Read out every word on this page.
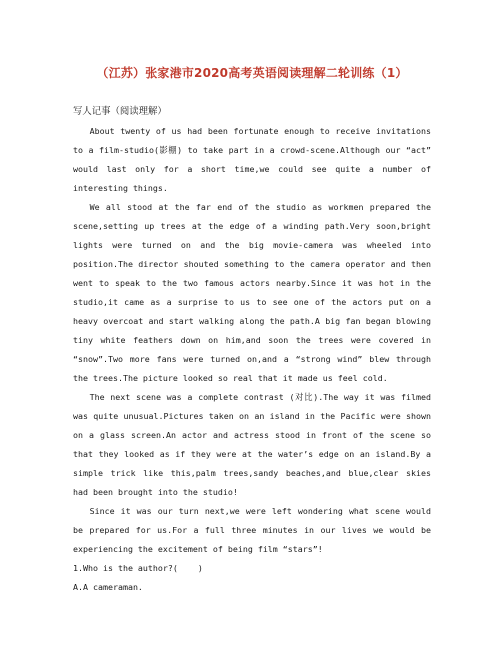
（江苏）张家港市2020高考英语阅读理解二轮训练（1）

写人记事（阅读理解）

About twenty of us had been fortunate enough to receive invitations to a film-studio(影棚) to take part in a crowd-scene.Although our “act” would last only for a short time,we could see quite a number of interesting things.

We all stood at the far end of the studio as workmen prepared the scene,setting up trees at the edge of a winding path.Very soon,bright lights were turned on and the big movie-camera was wheeled into position.The director shouted something to the camera operator and then went to speak to the two famous actors nearby.Since it was hot in the studio,it came as a surprise to us to see one of the actors put on a heavy overcoat and start walking along the path.A big fan began blowing tiny white feathers down on him,and soon the trees were covered in “snow”.Two more fans were turned on,and a “strong wind” blew through the trees.The picture looked so real that it made us feel cold.

The next scene was a complete contrast (对比).The way it was filmed was quite unusual.Pictures taken on an island in the Pacific were shown on a glass screen.An actor and actress stood in front of the scene so that they looked as if they were at the water’s edge on an island.By a simple trick like this,palm trees,sandy beaches,and blue,clear skies had been brought into the studio!

Since it was our turn next,we were left wondering what scene would be prepared for us.For a full three minutes in our lives we would be experiencing the excitement of being film “stars”!

1.Who is the author?(    )

A.A cameraman.
